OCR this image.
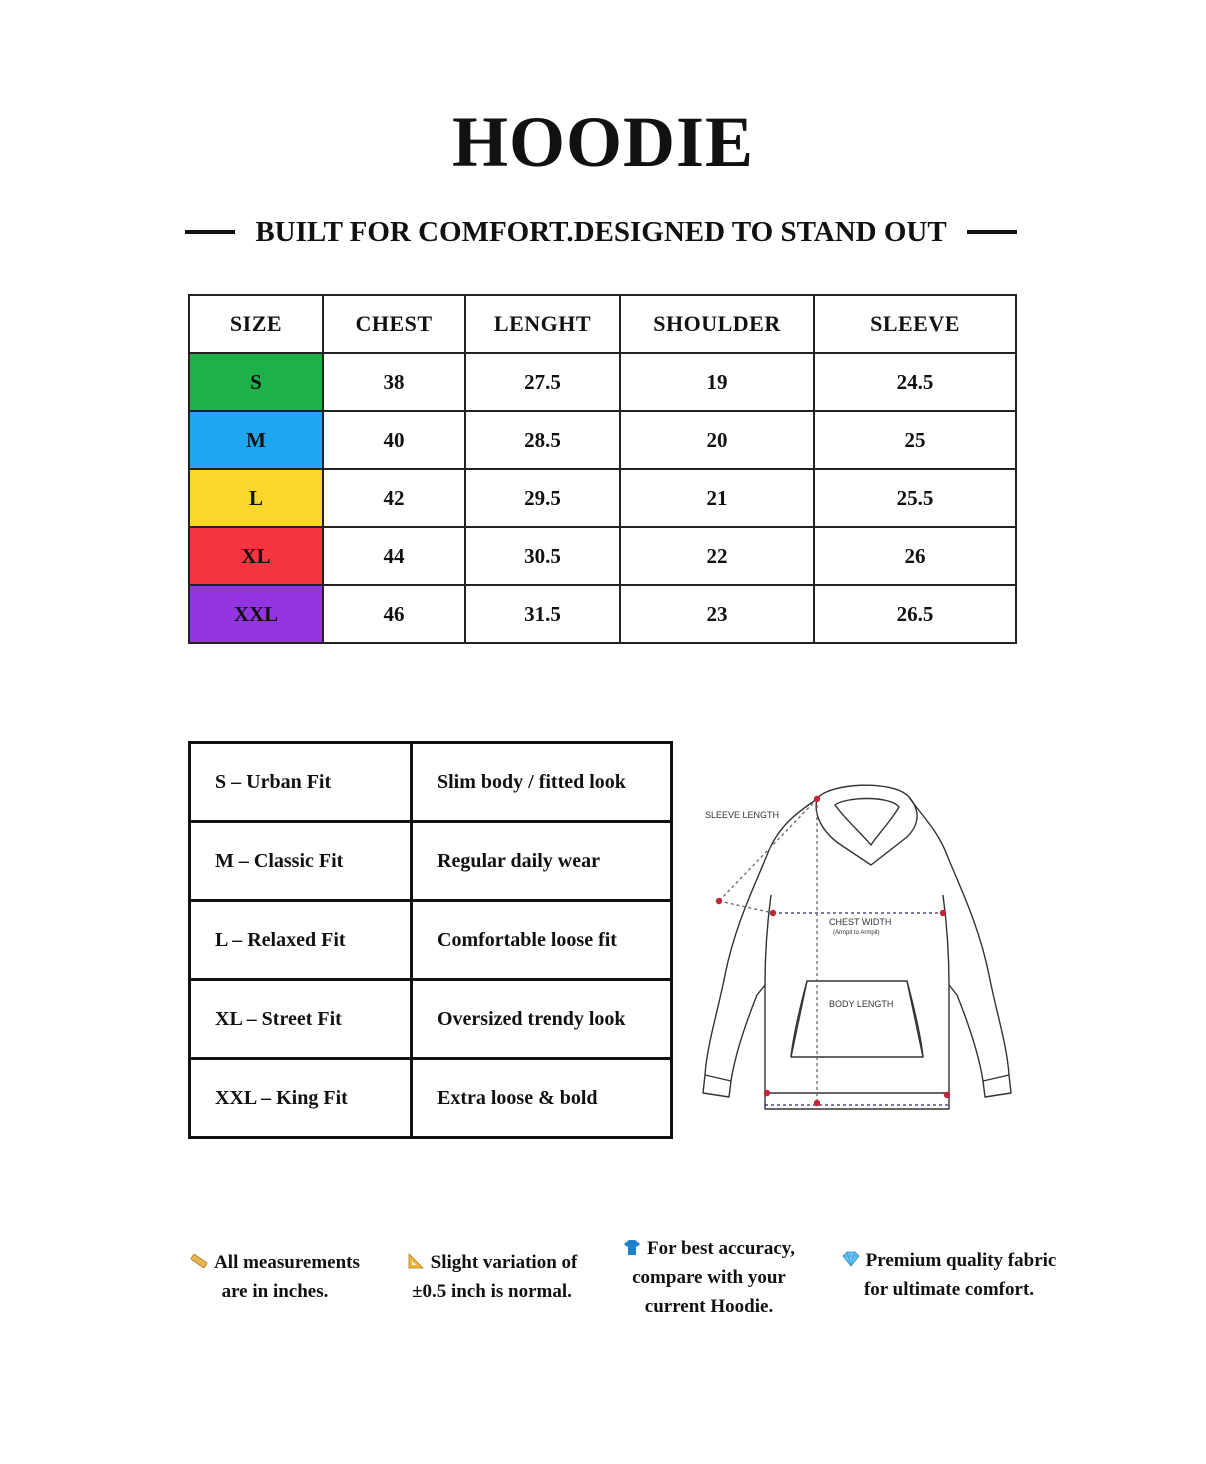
HOODIE
BUILT FOR COMFORT.DESIGNED TO STAND OUT
SIZE	CHEST	LENGHT	SHOULDER	SLEEVE
S	38	27.5	19	24.5
M	40	28.5	20	25
L	42	29.5	21	25.5
XL	44	30.5	22	26
XXL	46	31.5	23	26.5
S – Urban Fit	Slim body / fitted look
M – Classic Fit	Regular daily wear
L – Relaxed Fit	Comfortable loose fit
XL – Street Fit	Oversized trendy look
XXL – King Fit	Extra loose & bold
SLEEVE LENGTH
CHEST WIDTH
(Armpit to Armpit)
BODY LENGTH
All measurements
are in inches.
Slight variation of
±0.5 inch is normal.
For best accuracy,
compare with your
current Hoodie.
Premium quality fabric
for ultimate comfort.
